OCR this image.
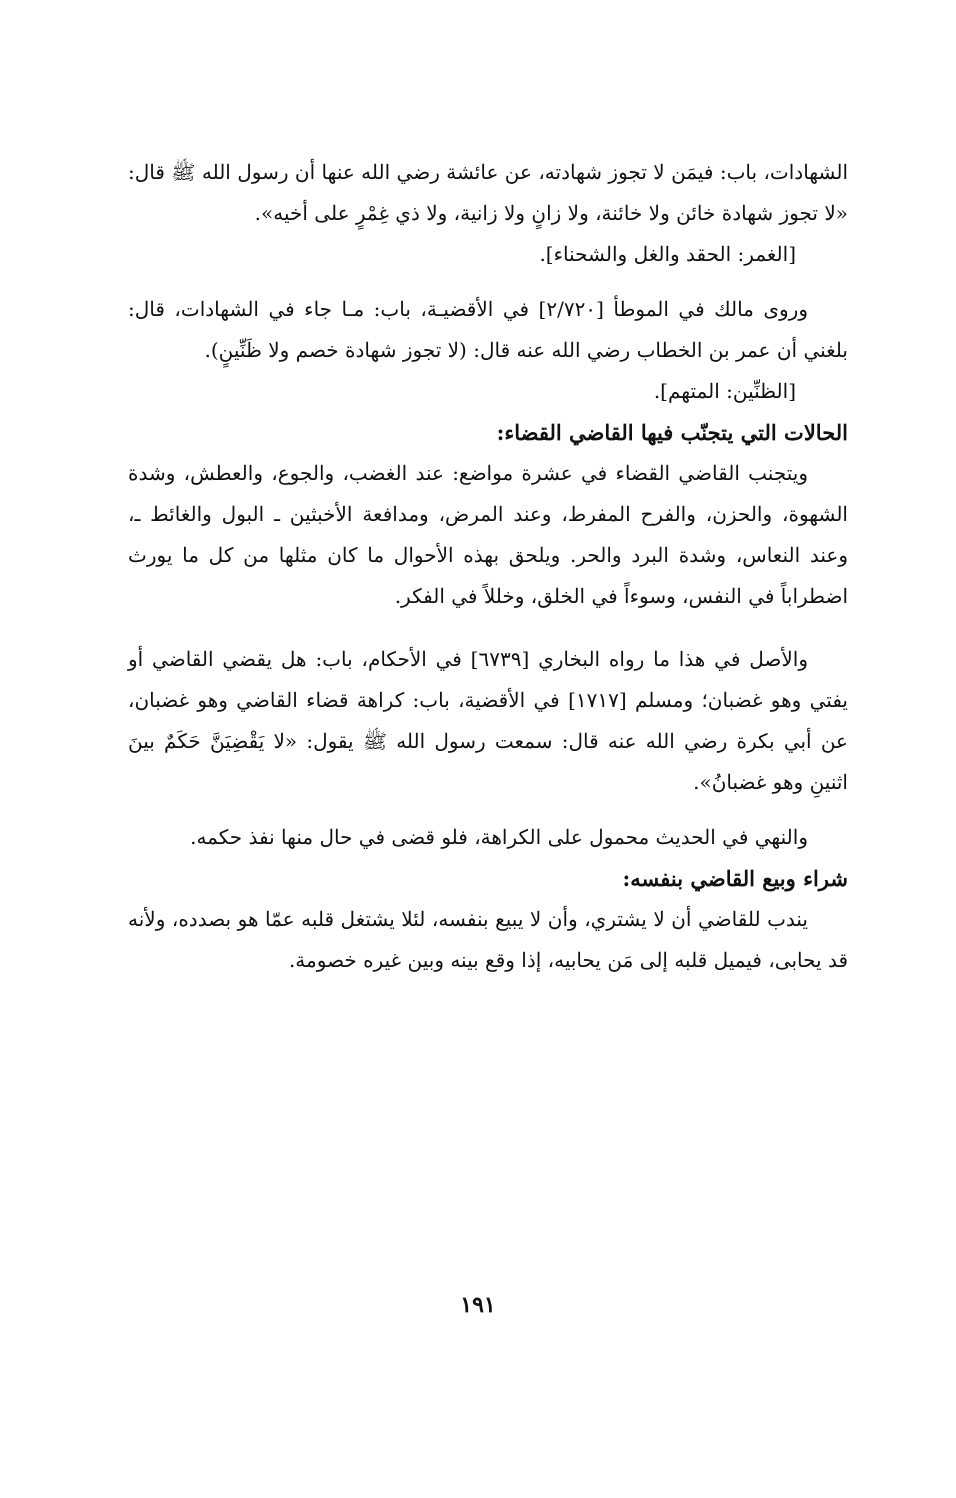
الشهادات، باب: فيمَن لا تجوز شهادته، عن عائشة رضي الله عنها أن رسول الله ﷺ قال: «لا تجوز شهادة خائن ولا خائنة، ولا زانٍ ولا زانية، ولا ذي غِمْرٍ على أخيه».

[الغمر: الحقد والغل والشحناء].

وروى مالك في الموطأ [٢/٧٢٠] في الأقضيـة، باب: مـا جاء في الشهادات، قال: بلغني أن عمر بن الخطاب رضي الله عنه قال: (لا تجوز شهادة خصم ولا ظَنِّينٍ).

[الظنِّين: المتهم].

الحالات التي يتجنّب فيها القاضي القضاء:

ويتجنب القاضي القضاء في عشرة مواضع: عند الغضب، والجوع، والعطش، وشدة الشهوة، والحزن، والفرح المفرط، وعند المرض، ومدافعة الأخبثين ـ البول والغائط ـ، وعند النعاس، وشدة البرد والحر. ويلحق بهذه الأحوال ما كان مثلها من كل ما يورث اضطراباً في النفس، وسوءاً في الخلق، وخللاً في الفكر.

والأصل في هذا ما رواه البخاري [٦٧٣٩] في الأحكام، باب: هل يقضي القاضي أو يفتي وهو غضبان؛ ومسلم [١٧١٧] في الأقضية، باب: كراهة قضاء القاضي وهو غضبان، عن أبي بكرة رضي الله عنه قال: سمعت رسول الله ﷺ يقول: «لا يَقْضِيَنَّ حَكَمٌ بينَ اثنينِ وهو غضبانُ».

والنهي في الحديث محمول على الكراهة، فلو قضى في حال منها نفذ حكمه.

شراء وبيع القاضي بنفسه:

يندب للقاضي أن لا يشتري، وأن لا يبيع بنفسه، لئلا يشتغل قلبه عمّا هو بصدده، ولأنه قد يحابى، فيميل قلبه إلى مَن يحابيه، إذا وقع بينه وبين غيره خصومة.

١٩١
